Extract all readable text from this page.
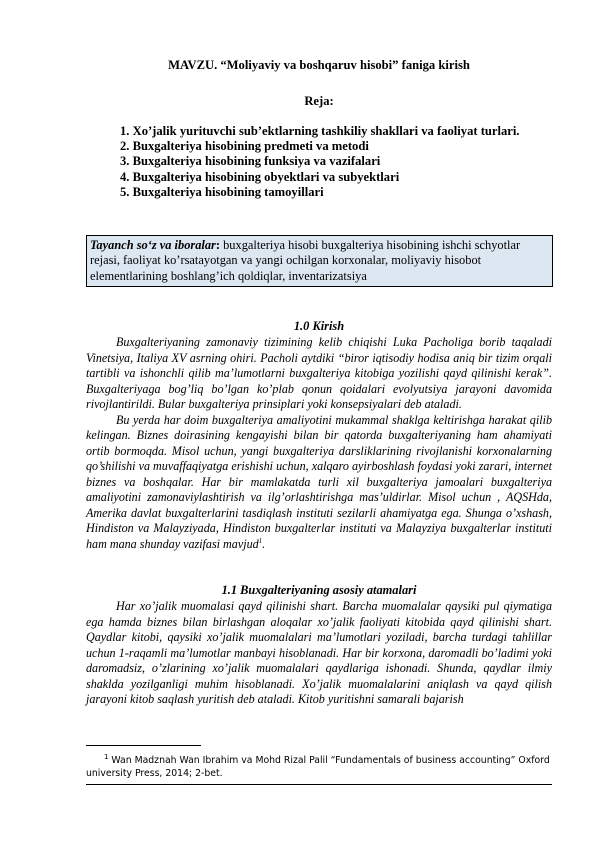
MAVZU. “Moliyaviy va boshqaruv hisobi” faniga kirish
Reja:
1. Xo’jalik yurituvchi sub’ektlarning tashkiliy shakllari va faoliyat turlari.
2. Buxgalteriya hisobining predmeti va metodi
3. Buxgalteriya hisobining funksiya va vazifalari
4. Buxgalteriya hisobining obyektlari va subyektlari
5. Buxgalteriya hisobining tamoyillari
Tayanch so‘z va iboralar: buxgalteriya hisobi buxgalteriya hisobining ishchi schyotlar rejasi, faoliyat ko’rsatayotgan va yangi ochilgan korxonalar, moliyaviy hisobot elementlarining boshlang’ich qoldiqlar, inventarizatsiya
1.0 Kirish

Buxgalteriyaning zamonaviy tizimining kelib chiqishi Luka Pacholiga borib taqaladi Vinetsiya, Italiya XV asrning ohiri. Pacholi aytdiki “biror iqtisodiy hodisa aniq bir tizim orqali tartibli va ishonchli qilib ma’lumotlarni buxgalteriya kitobiga yozilishi qayd qilinishi kerak”. Buxgalteriyaga bog’liq bo’lgan ko’plab qonun qoidalari evolyutsiya jarayoni davomida rivojlantirildi. Bular buxgalteriya prinsiplari yoki konsepsiyalari deb ataladi.

Bu yerda har doim buxgalteriya amaliyotini mukammal shaklga keltirishga harakat qilib kelingan. Biznes doirasining kengayishi bilan bir qatorda buxgalteriyaning ham ahamiyati ortib bormoqda. Misol uchun, yangi buxgalteriya darsliklarining rivojlanishi korxonalarning qo’shilishi va muvaffaqiyatga erishishi uchun, xalqaro ayirboshlash foydasi yoki zarari, internet biznes va boshqalar. Har bir mamlakatda turli xil buxgalteriya jamoalari buxgalteriya amaliyotini zamonaviylashtirish va ilg’orlashtirishga mas’uldirlar. Misol uchun , AQSHda, Amerika davlat buxgalterlarini tasdiqlash instituti sezilarli ahamiyatga ega. Shunga o’xshash, Hindiston va Malayziyada, Hindiston buxgalterlar instituti va Malayziya buxgalterlar instituti ham mana shunday vazifasi mavjud$^1$.

1.1 Buxgalteriyaning asosiy atamalari

Har xo’jalik muomalasi qayd qilinishi shart. Barcha muomalalar qaysiki pul qiymatiga ega hamda biznes bilan birlashgan aloqalar xo’jalik faoliyati kitobida qayd qilinishi shart. Qaydlar kitobi, qaysiki xo’jalik muomalalari ma’lumotlari yoziladi, barcha turdagi tahlillar uchun 1-raqamli ma’lumotlar manbayi hisoblanadi. Har bir korxona, daromadli bo’ladimi yoki daromadsiz, o’zlarining xo’jalik muomalalari qaydlariga ishonadi. Shunda, qaydlar ilmiy shaklda yozilganligi muhim hisoblanadi. Xo’jalik muomalalarini aniqlash va qayd qilish jarayoni kitob saqlash yuritish deb ataladi. Kitob yuritishni samarali bajarish

$^1$ Wan Madznah Wan Ibrahim va Mohd Rizal Palil “Fundamentals of business accounting” Oxford university Press, 2014; 2-bet.
